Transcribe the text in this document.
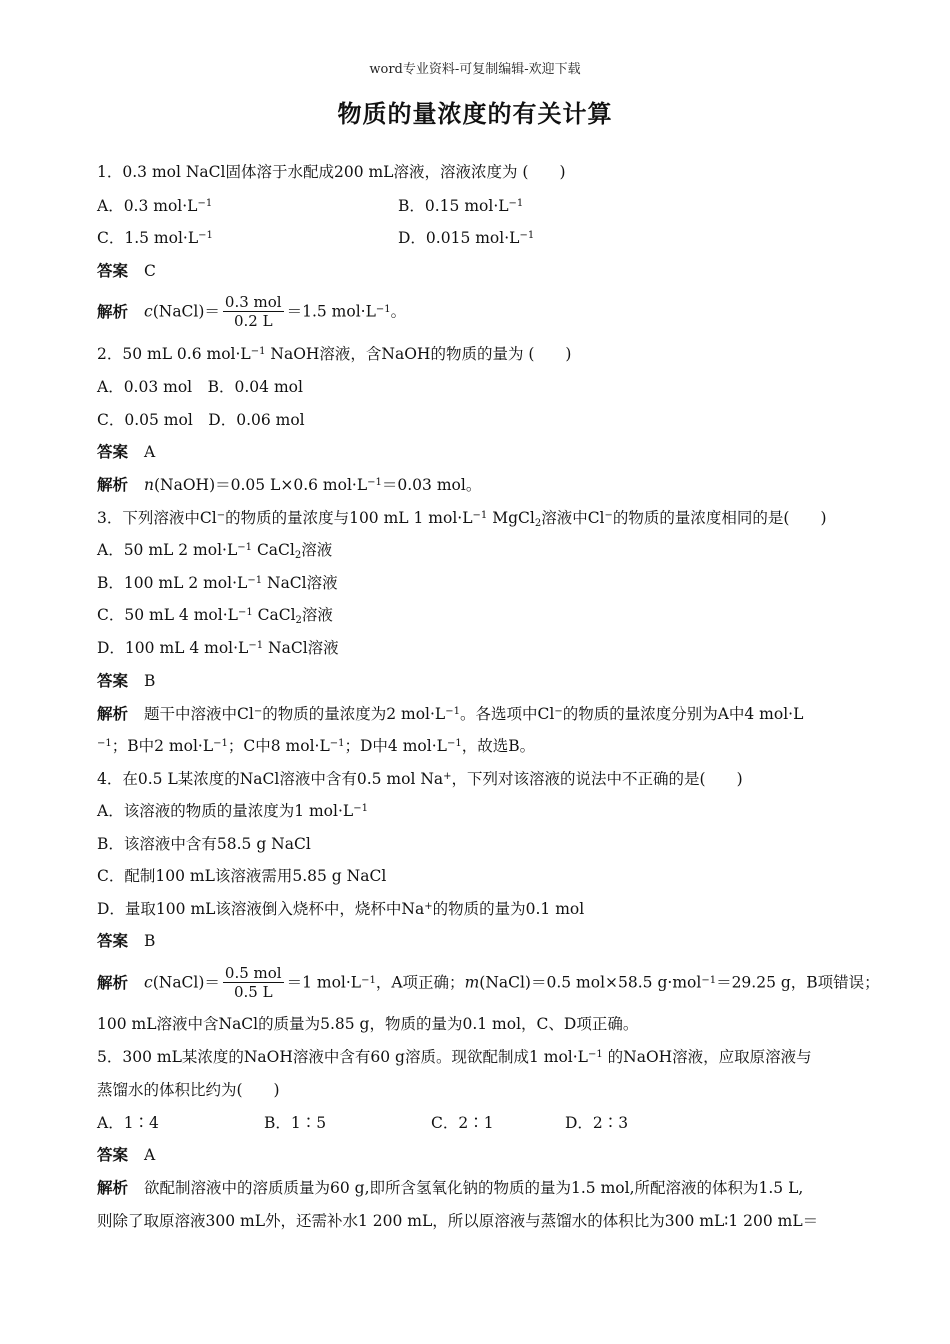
word专业资料-可复制编辑-欢迎下载
物质的量浓度的有关计算
1．0.3 mol NaCl固体溶于水配成200 mL溶液，溶液浓度为 (　　)
A．0.3 $mol\cdot L^{-1}$	B．0.15 $mol\cdot L^{-1}$
C．1.5 $mol\cdot L^{-1}$	D．0.015 $mol\cdot L^{-1}$
答案 C
解析 c(NaCl)＝ $\frac{\text{0.3 mol}}{0.2 L} =1.5$ $mol\cdot L^{-1}$。
2．50 mL 0.6 $mol\cdot L^{-1}$ NaOH溶液，含NaOH的物质的量为 (　　)
A．0.03 mol　B．0.04 mol
C．0.05 mol　D．0.06 mol
答案 A
解析 n(NaOH)＝0.05 L×0.6 $mol\cdot L^{-1}=0.03$ mol。
3．下列溶液中Cl−的物质的量浓度与100 mL 1 $mol\cdot L^{-1}$ MgCl$_2$溶液中Cl−的物质的量浓度相同的是(　　)
A．50 mL 2 $mol\cdot L^{-1}$ CaCl$_2$溶液
B．100 mL 2 $mol\cdot L^{-1}$ NaCl溶液
C．50 mL 4 $mol\cdot L^{-1}$ CaCl$_2$溶液
D．100 mL 4 $mol\cdot L^{-1}$ NaCl溶液
答案 B
解析 题干中溶液中Cl−的物质的量浓度为2 $mol\cdot L^{-1}$。各选项中Cl−的物质的量浓度分别为A中4 mol·L
$^{-1}$；B中2 $mol\cdot L^{-1}$；C中8 $mol\cdot L^{-1}$；D中4 $mol\cdot L^{-1}$，故选B。
4．在0.5 L某浓度的NaCl溶液中含有0.5 mol Na+，下列对该溶液的说法中不正确的是(　　)
A．该溶液的物质的量浓度为1 $mol\cdot L^{-1}$
B．该溶液中含有58.5 g NaCl
C．配制100 mL该溶液需用5.85 g NaCl
D．量取100 mL该溶液倒入烧杯中，烧杯中Na+的物质的量为0.1 mol
答案 B
解析 c(NaCl)＝ $\frac{\text{0.5 mol}}{0.5 L} =1$ $mol\cdot L^{-1}$，A项正确；m(NaCl)＝0.5 mol×58.5 g·mol$^{-1}$＝29.25 g，B项错误；
100 mL溶液中含NaCl的质量为5.85 g，物质的量为0.1 mol，C、D项正确。
5．300 mL某浓度的NaOH溶液中含有60 g溶质。现欲配制成1 $mol\cdot L^{-1}$ 的NaOH溶液，应取原溶液与
蒸馏水的体积比约为(　　)
A．1∶4	B．1∶5	C．2∶1	D．2∶3
答案 A
解析 欲配制溶液中的溶质质量为60 g,即所含氢氧化钠的物质的量为1.5 mol,所配溶液的体积为1.5 L,
则除了取原溶液300 mL外，还需补水1 200 mL，所以原溶液与蒸馏水的体积比为300 mL∶1 200 mL＝
